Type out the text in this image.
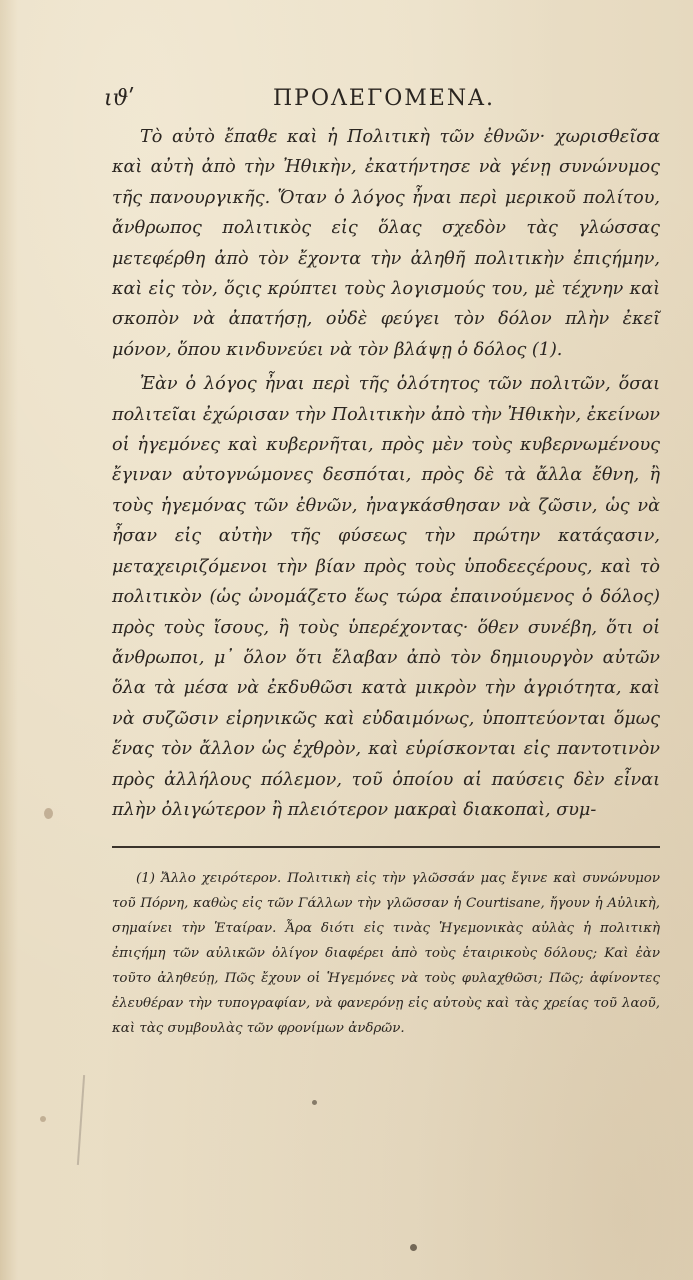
ιϑʹ	ΠΡΟΛΕΓΟΜΕΝΑ.

Τὸ αὐτὸ ἔπαθε καὶ ἡ Πολιτικὴ τῶν ἐθνῶν· χωρισθεῖσα καὶ αὐτὴ ἀπὸ τὴν Ἠθικὴν, ἐκατήντησε νὰ γένῃ συνώνυμος τῆς πανουργικῆς. Ὅταν ὁ λόγος ἦναι περὶ μερικοῦ πολίτου, ἄνθρωπος πολιτικὸς εἰς ὅλας σχεδὸν τὰς γλώσσας μετεφέρθη ἀπὸ τὸν ἔχοντα τὴν ἀληθῆ πολιτικὴν ἐπιςήμην, καὶ εἰς τὸν, ὅςις κρύπτει τοὺς λογισμούς του, μὲ τέχνην καὶ σκοπὸν νὰ ἀπατήσῃ, οὐδὲ φεύγει τὸν δόλον πλὴν ἐκεῖ μόνον, ὅπου κινδυνεύει νὰ τὸν βλάψῃ ὁ δόλος (1).

Ἐὰν ὁ λόγος ἦναι περὶ τῆς ὁλότητος τῶν πολιτῶν, ὅσαι πολιτεῖαι ἐχώρισαν τὴν Πολιτικὴν ἀπὸ τὴν Ἠθικὴν, ἐκείνων οἱ ἡγεμόνες καὶ κυβερνῆται, πρὸς μὲν τοὺς κυβερνωμένους ἔγιναν αὐτογνώμονες δεσπόται, πρὸς δὲ τὰ ἄλλα ἔθνη, ἢ τοὺς ἡγεμόνας τῶν ἐθνῶν, ἠναγκάσθησαν νὰ ζῶσιν, ὡς νὰ ἦσαν εἰς αὐτὴν τῆς φύσεως τὴν πρώτην κατάςασιν, μεταχειριζόμενοι τὴν βίαν πρὸς τοὺς ὑποδεεςέρους, καὶ τὸ πολιτικὸν (ὡς ὠνομάζετο ἕως τώρα ἐπαινούμενος ὁ δόλος) πρὸς τοὺς ἴσους, ἢ τοὺς ὑπερέχοντας· ὅθεν συνέβη, ὅτι οἱ ἄνθρωποι, μ᾽ ὅλον ὅτι ἔλαβαν ἀπὸ τὸν δημιουργὸν αὐτῶν ὅλα τὰ μέσα νὰ ἐκδυθῶσι κατὰ μικρὸν τὴν ἀγριότητα, καὶ νὰ συζῶσιν εἰρηνικῶς καὶ εὐδαιμόνως, ὑποπτεύονται ὅμως ἕνας τὸν ἄλλον ὡς ἐχθρὸν, καὶ εὑρίσκονται εἰς παντοτινὸν πρὸς ἀλλήλους πόλεμον, τοῦ ὁποίου αἱ παύσεις δὲν εἶναι πλὴν ὀλιγώτερον ἢ πλειότερον μακραὶ διακοπαὶ, συμ-

(1) Ἄλλο χειρότερον. Πολιτικὴ εἰς τὴν γλῶσσάν μας ἔγινε καὶ συνώνυμον τοῦ Πόρνη, καθὼς εἰς τῶν Γάλλων τὴν γλῶσσαν ἡ Courtisane, ἤγουν ἡ Αὐλικὴ, σημαίνει τὴν Ἑταίραν. Ἆρα διότι εἰς τινὰς Ἡγεμονικὰς αὐλὰς ἡ πολιτικὴ ἐπιςήμη τῶν αὐλικῶν ὀλίγον διαφέρει ἀπὸ τοὺς ἑταιρικοὺς δόλους; Καὶ ἐὰν τοῦτο ἀληθεύῃ, Πῶς ἔχουν οἱ Ἡγεμόνες νὰ τοὺς φυλαχθῶσι; Πῶς; ἀφίνοντες ἐλευθέραν τὴν τυπογραφίαν, νὰ φανερόνῃ εἰς αὐτοὺς καὶ τὰς χρείας τοῦ λαοῦ, καὶ τὰς συμβουλὰς τῶν φρονίμων ἀνδρῶν.
